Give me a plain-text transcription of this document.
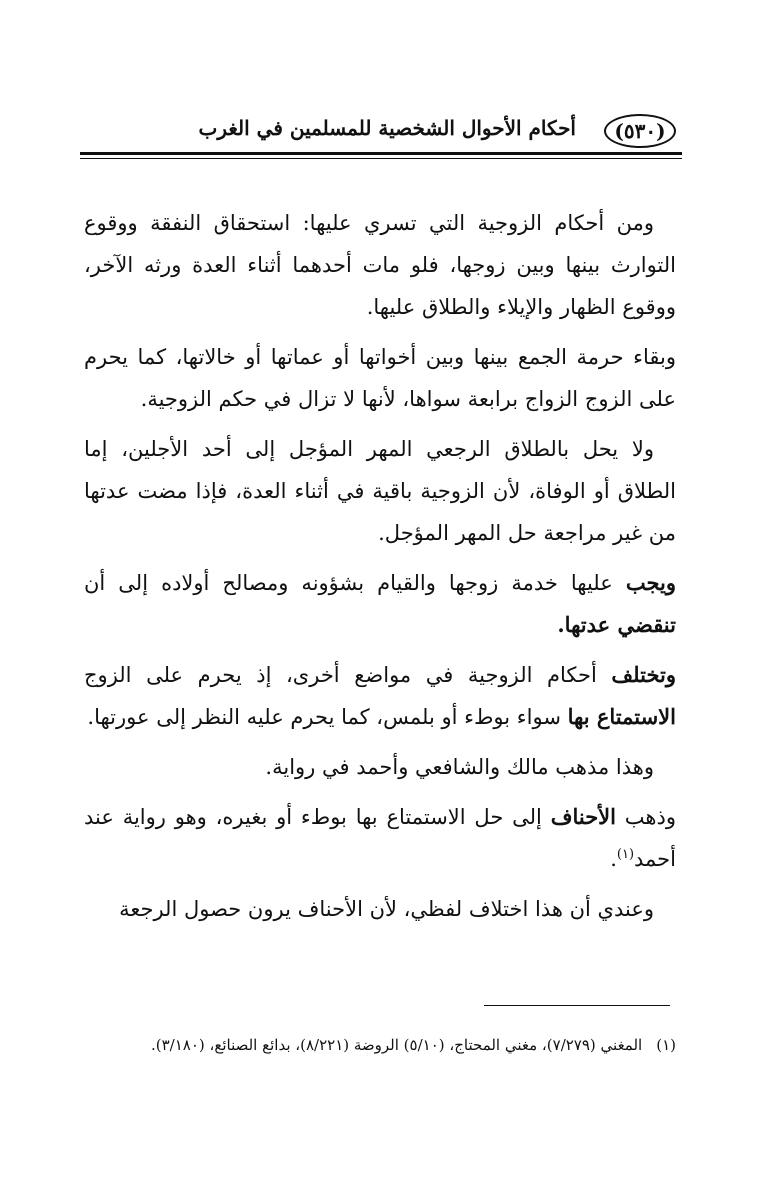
(٥٣٠)
أحكام الأحوال الشخصية للمسلمين في الغرب

ومن أحكام الزوجية التي تسري عليها: استحقاق النفقة ووقوع التوارث بينها وبين زوجها، فلو مات أحدهما أثناء العدة ورثه الآخر، ووقوع الظهار والإيلاء والطلاق عليها.

وبقاء حرمة الجمع بينها وبين أخواتها أو عماتها أو خالاتها، كما يحرم على الزوج الزواج برابعة سواها، لأنها لا تزال في حكم الزوجية.

ولا يحل بالطلاق الرجعي المهر المؤجل إلى أحد الأجلين، إما الطلاق أو الوفاة، لأن الزوجية باقية في أثناء العدة، فإذا مضت عدتها من غير مراجعة حل المهر المؤجل.

ويجب عليها خدمة زوجها والقيام بشؤونه ومصالح أولاده إلى أن تنقضي عدتها.

وتختلف أحكام الزوجية في مواضع أخرى، إذ يحرم على الزوج الاستمتاع بها سواء بوطء أو بلمس، كما يحرم عليه النظر إلى عورتها.

وهذا مذهب مالك والشافعي وأحمد في رواية.

وذهب الأحناف إلى حل الاستمتاع بها بوطء أو بغيره، وهو رواية عند أحمد$^{(١)}$.

وعندي أن هذا اختلاف لفظي، لأن الأحناف يرون حصول الرجعة

(١)المغني (٧/٢٧٩)، مغني المحتاج، (٥/١٠) الروضة (٨/٢٢١)، بدائع الصنائع، (٣/١٨٠).
